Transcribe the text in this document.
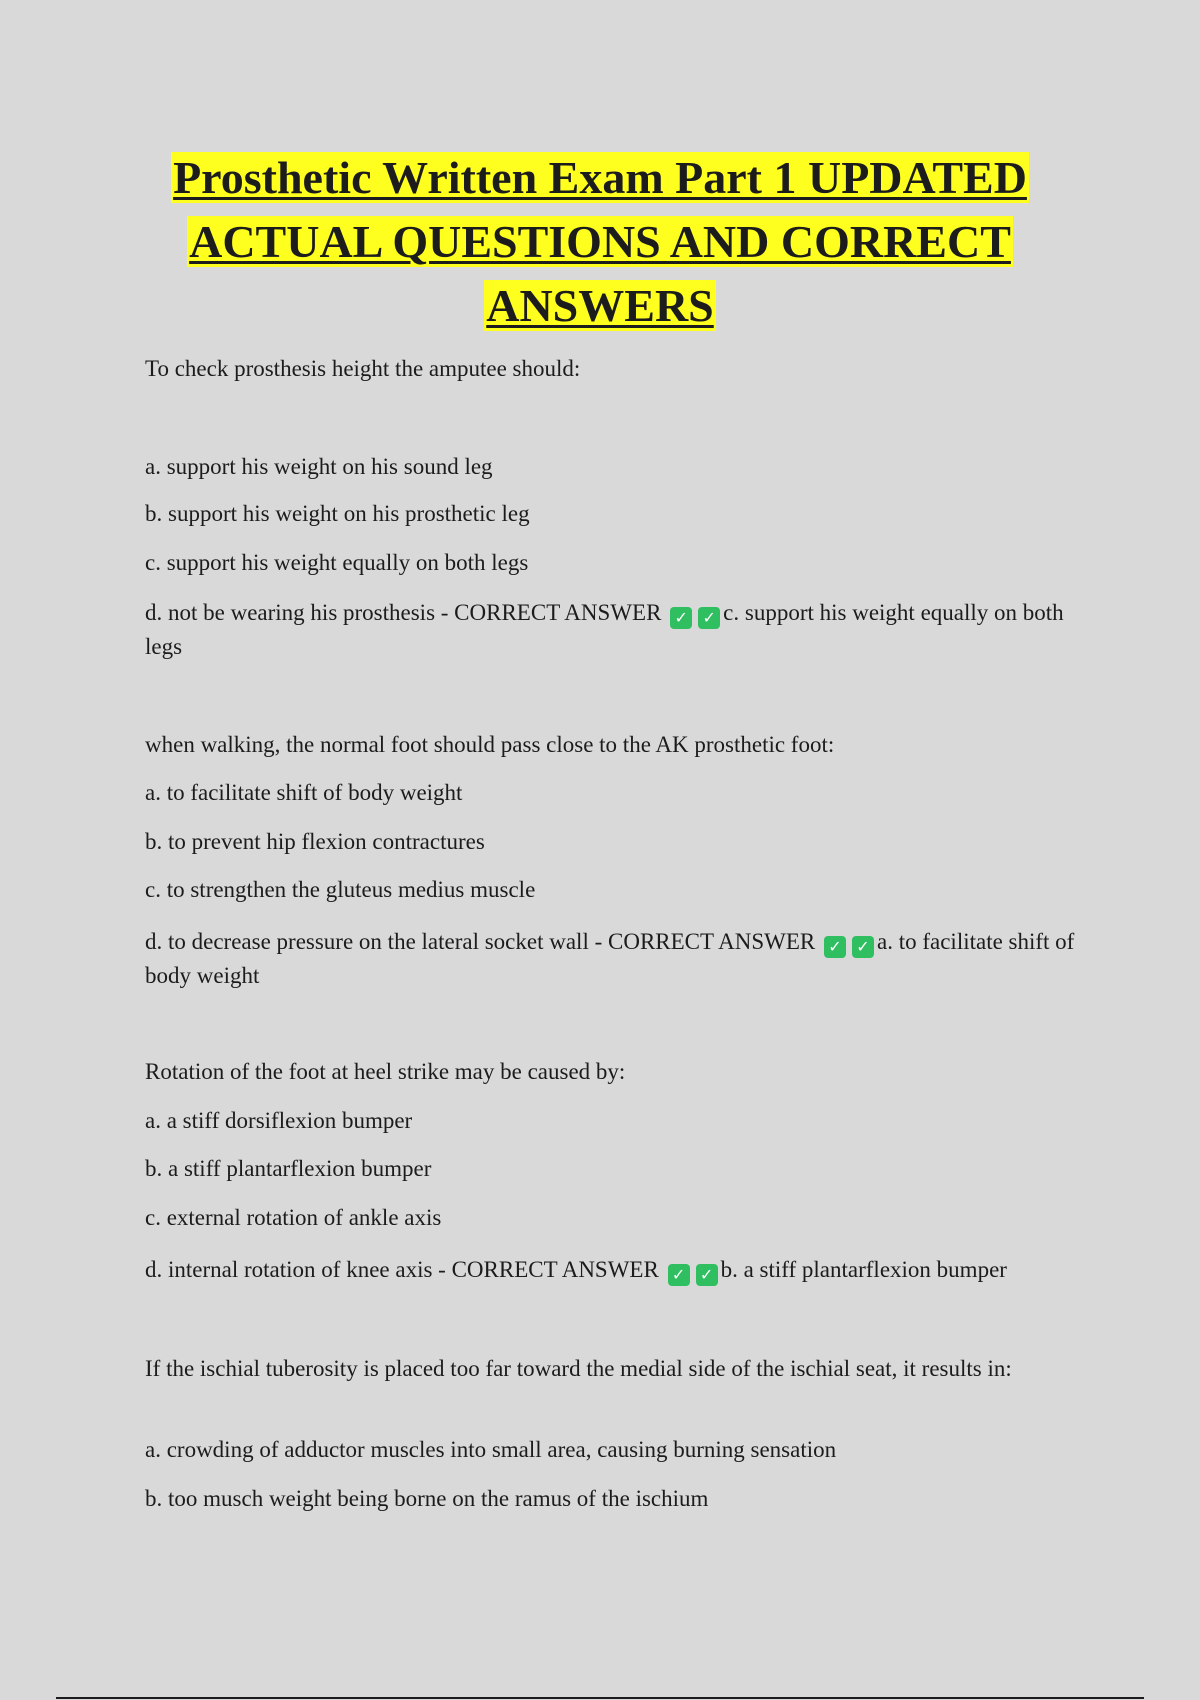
Prosthetic Written Exam Part 1 UPDATED
ACTUAL QUESTIONS AND CORRECT
ANSWERS
To check prosthesis height the amputee should:
a. support his weight on his sound leg
b. support his weight on his prosthetic leg
c. support his weight equally on both legs
d. not be wearing his prosthesis - CORRECT ANSWER ✓ ✓ c. support his weight equally on both legs
when walking, the normal foot should pass close to the AK prosthetic foot:
a. to facilitate shift of body weight
b. to prevent hip flexion contractures
c. to strengthen the gluteus medius muscle
d. to decrease pressure on the lateral socket wall - CORRECT ANSWER ✓ ✓ a. to facilitate shift of body weight
Rotation of the foot at heel strike may be caused by:
a. a stiff dorsiflexion bumper
b. a stiff plantarflexion bumper
c. external rotation of ankle axis
d. internal rotation of knee axis - CORRECT ANSWER ✓ ✓ b. a stiff plantarflexion bumper
If the ischial tuberosity is placed too far toward the medial side of the ischial seat, it results in:
a. crowding of adductor muscles into small area, causing burning sensation
b. too musch weight being borne on the ramus of the ischium
